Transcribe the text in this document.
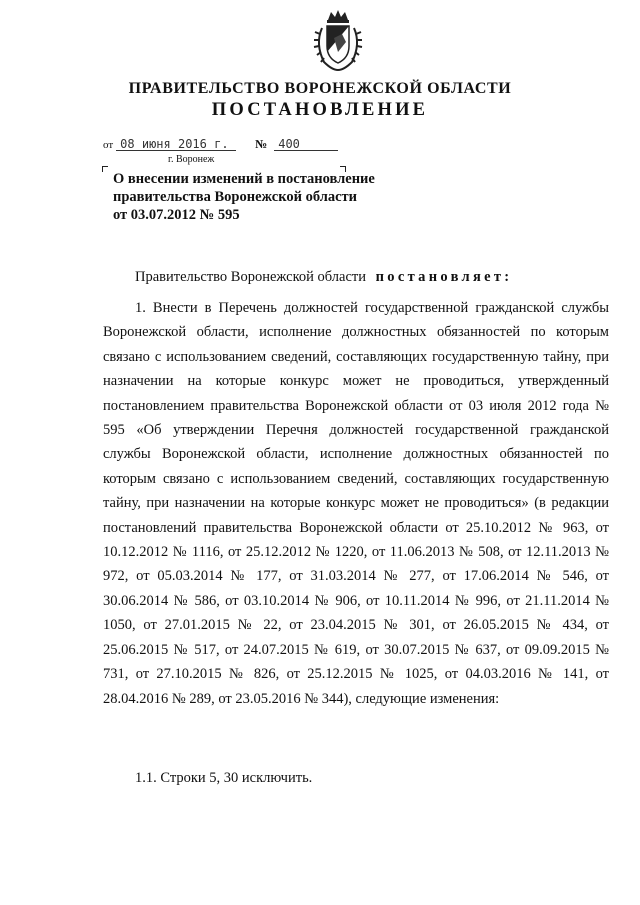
ПРАВИТЕЛЬСТВО ВОРОНЕЖСКОЙ ОБЛАСТИ
ПОСТАНОВЛЕНИЕ
от 08 июня 2016 г. № 400
г. Воронеж
О внесении изменений в постановление
правительства Воронежской области
от 03.07.2012 № 595
Правительство Воронежской области постановляет:

1. Внести в Перечень должностей государственной гражданской службы Воронежской области, исполнение должностных обязанностей по которым связано с использованием сведений, составляющих государственную тайну, при назначении на которые конкурс может не проводиться, утвержденный постановлением правительства Воронежской области от 03 июля 2012 года № 595 «Об утверждении Перечня должностей государственной гражданской службы Воронежской области, исполнение должностных обязанностей по которым связано с использованием сведений, составляющих государственную тайну, при назначении на которые конкурс может не проводиться» (в редакции постановлений правительства Воронежской области от 25.10.2012 № 963, от 10.12.2012 № 1116, от 25.12.2012 № 1220, от 11.06.2013 № 508, от 12.11.2013 № 972, от 05.03.2014 № 177, от 31.03.2014 № 277, от 17.06.2014 № 546, от 30.06.2014 № 586, от 03.10.2014 № 906, от 10.11.2014 № 996, от 21.11.2014 № 1050, от 27.01.2015 № 22, от 23.04.2015 № 301, от 26.05.2015 № 434, от 25.06.2015 № 517, от 24.07.2015 № 619, от 30.07.2015 № 637, от 09.09.2015 № 731, от 27.10.2015 № 826, от 25.12.2015 № 1025, от 04.03.2016 № 141, от 28.04.2016 № 289, от 23.05.2016 № 344), следующие изменения:

1.1. Строки 5, 30 исключить.
